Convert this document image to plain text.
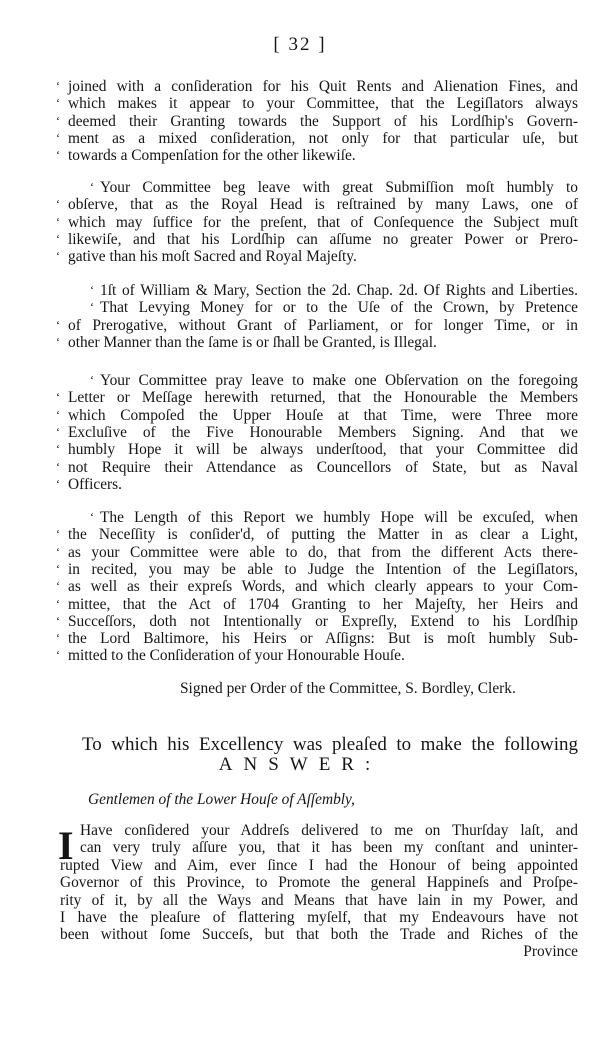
[ 32 ]
‘ joined with a conſideration for his Quit Rents and Alienation Fines, and
‘ which makes it appear to your Committee, that the Legiſlators always
‘ deemed their Granting towards the Support of his Lordſhip's Govern-
‘ ment as a mixed conſideration, not only for that particular uſe, but
‘ towards a Compenſation for the other likewiſe.
‘ Your Committee beg leave with great Submiſſion moſt humbly to
‘ obſerve, that as the Royal Head is reſtrained by many Laws, one of
‘ which may ſuffice for the preſent, that of Conſequence the Subject muſt
‘ likewiſe, and that his Lordſhip can aſſume no greater Power or Prero-
‘ gative than his moſt Sacred and Royal Majeſty.
‘ 1ſt of William & Mary, Section the 2d. Chap. 2d. Of Rights and Liberties.
‘ That Levying Money for or to the Uſe of the Crown, by Pretence
‘ of Prerogative, without Grant of Parliament, or for longer Time, or in
‘ other Manner than the ſame is or ſhall be Granted, is Illegal.
‘ Your Committee pray leave to make one Obſervation on the foregoing
‘ Letter or Meſſage herewith returned, that the Honourable the Members
‘ which Compoſed the Upper Houſe at that Time, were Three more
‘ Excluſive of the Five Honourable Members Signing. And that we
‘ humbly Hope it will be always underſtood, that your Committee did
‘ not Require their Attendance as Councellors of State, but as Naval
‘ Officers.
‘ The Length of this Report we humbly Hope will be excuſed, when
‘ the Neceſſity is conſider'd, of putting the Matter in as clear a Light,
‘ as your Committee were able to do, that from the different Acts there-
‘ in recited, you may be able to Judge the Intention of the Legiſlators,
‘ as well as their expreſs Words, and which clearly appears to your Com-
‘ mittee, that the Act of 1704 Granting to her Majeſty, her Heirs and
‘ Succeſſors, doth not Intentionally or Expreſly, Extend to his Lordſhip
‘ the Lord Baltimore, his Heirs or Aſſigns: But is moſt humbly Sub-
‘ mitted to the Conſideration of your Honourable Houſe.
Signed per Order of the Committee, S. Bordley, Clerk.
To which his Excellency was pleaſed to make the following
ANSWER:
Gentlemen of the Lower Houſe of Aſſembly,
I Have conſidered your Addreſs delivered to me on Thurſday laſt, and
can very truly aſſure you, that it has been my conſtant and uninter-
rupted View and Aim, ever ſince I had the Honour of being appointed
Governor of this Province, to Promote the general Happineſs and Proſpe-
rity of it, by all the Ways and Means that have lain in my Power, and
I have the pleaſure of flattering myſelf, that my Endeavours have not
been without ſome Succeſs, but that both the Trade and Riches of the
Province
